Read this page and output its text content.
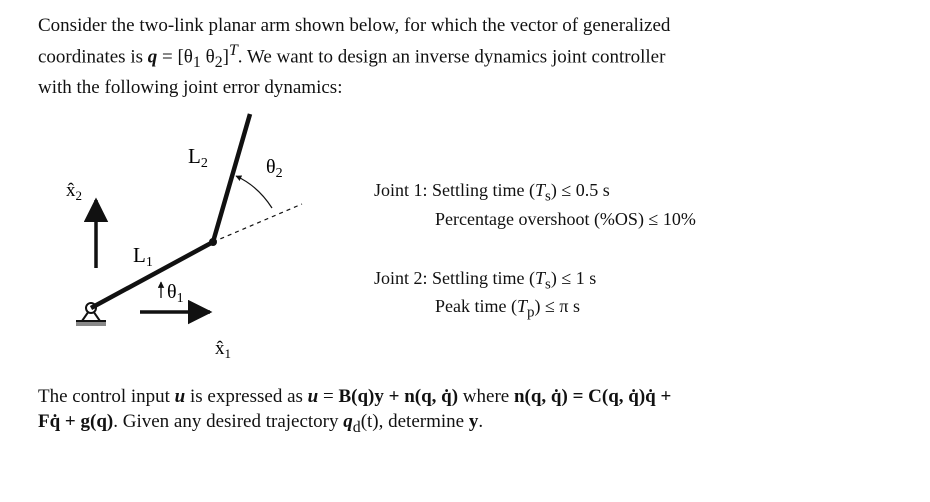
Consider the two-link planar arm shown below, for which the vector of generalized
coordinates is $q = [\theta_1$ $\theta_2]^T$. We want to design an inverse dynamics joint controller
with the following joint error dynamics:

$x̂_2$
$x̂_1$
L1
L2
$\theta_1$
$\theta_2$
Joint 1: Settling time $(T_s) \le 0.5$ s
Percentage overshoot (%OS) ≤ 10%
Joint 2: Settling time $(T_s) \le 1$ s
Peak time $(T_p) \le \pi$ s

The control input u is expressed as u = B(q)y + n(q, q̇) where n(q, q̇) = C(q, q̇)q̇ +
Fq̇ + g(q). Given any desired trajectory $q_d(t)$, determine y.
